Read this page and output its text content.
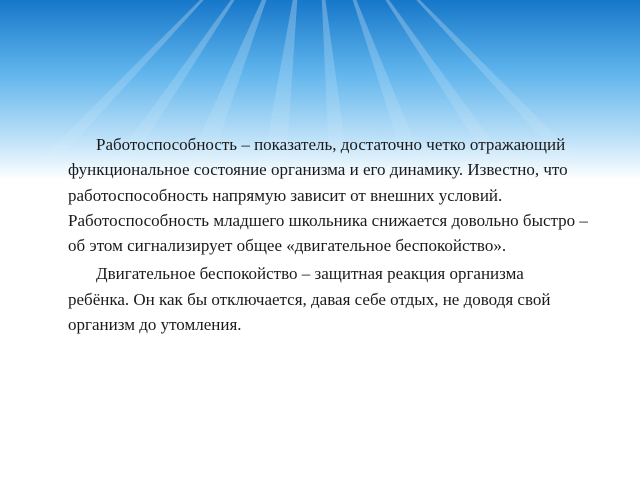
Работоспособность – показатель, достаточно четко отражающий функциональное состояние организма и его динамику. Известно, что работоспособность напрямую зависит от внешних условий. Работоспособность младшего школьника снижается довольно быстро – об этом сигнализирует общее «двигательное беспокойство».

Двигательное беспокойство – защитная реакция организма ребёнка. Он как бы отключается, давая себе отдых, не доводя свой организм до утомления.
